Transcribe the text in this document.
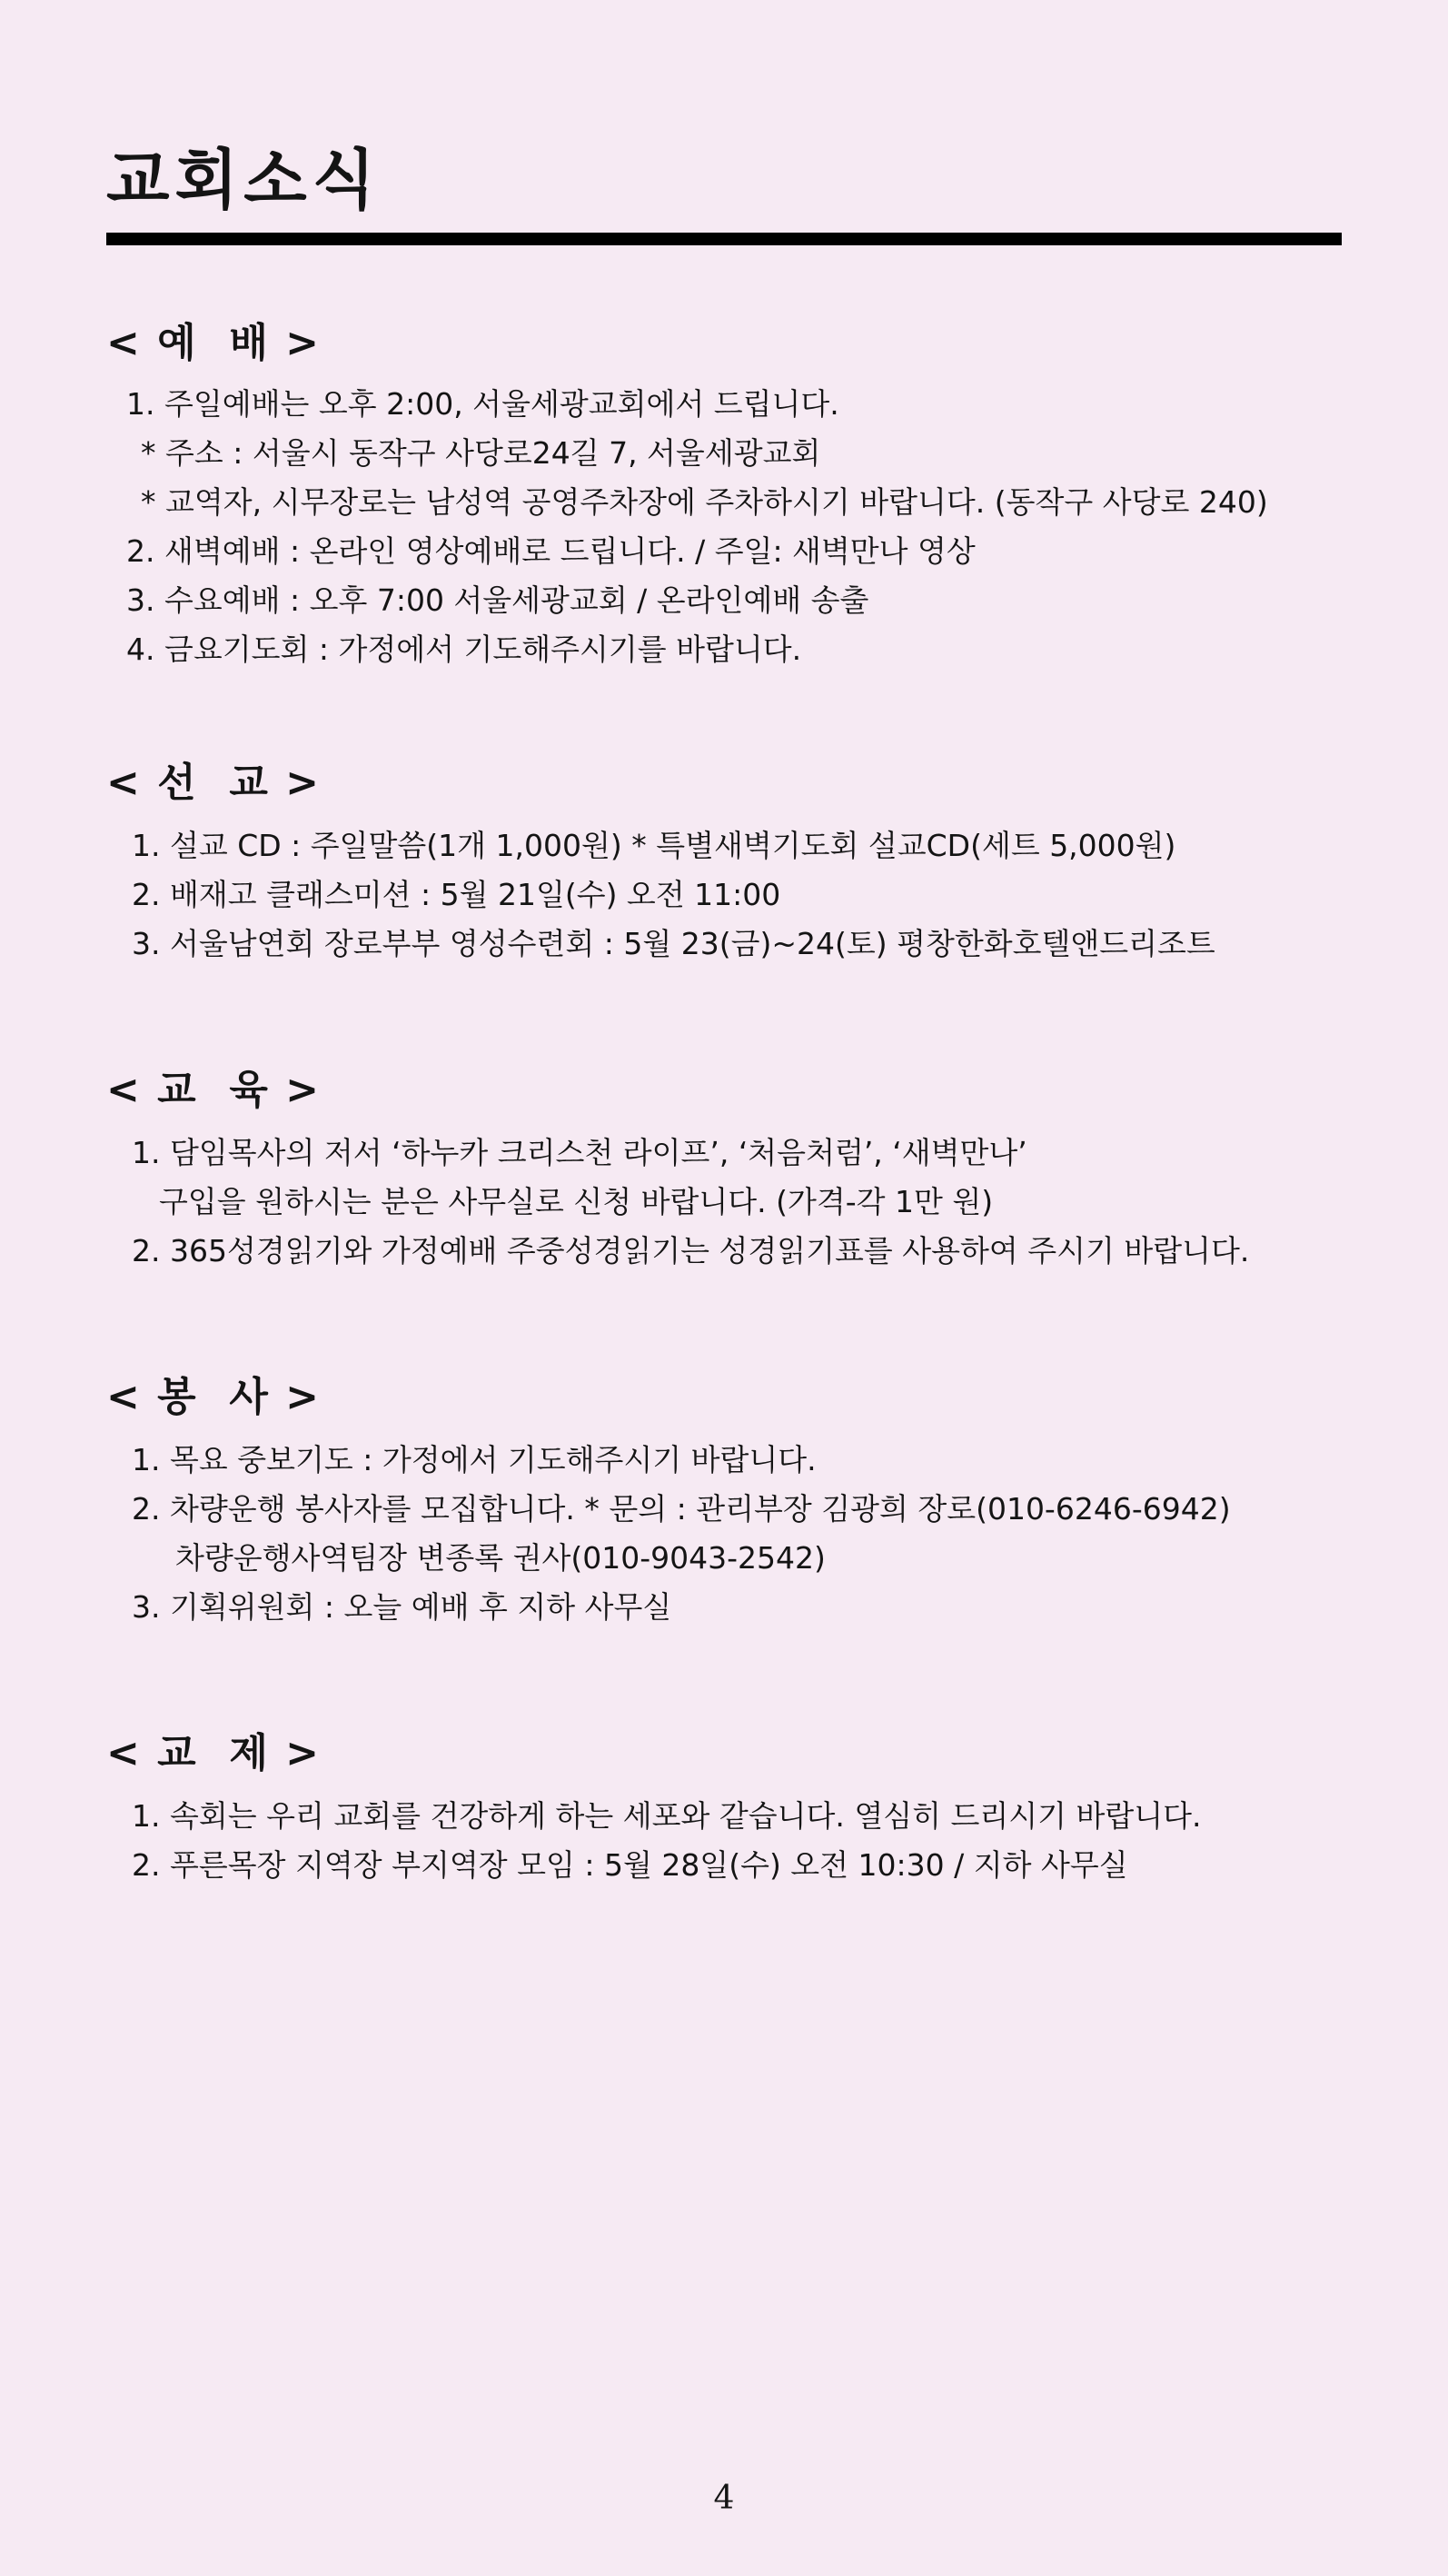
교회소식
< 예  배 >
1. 주일예배는 오후 2:00, 서울세광교회에서 드립니다.
* 주소 : 서울시 동작구 사당로24길 7, 서울세광교회
* 교역자, 시무장로는 남성역 공영주차장에 주차하시기 바랍니다. (동작구 사당로 240)
2. 새벽예배 : 온라인 영상예배로 드립니다. / 주일: 새벽만나 영상
3. 수요예배 : 오후 7:00 서울세광교회 / 온라인예배 송출
4. 금요기도회 : 가정에서 기도해주시기를 바랍니다.
< 선  교 >
1. 설교 CD : 주일말씀(1개 1,000원) * 특별새벽기도회 설교CD(세트 5,000원)
2. 배재고 클래스미션 : 5월 21일(수) 오전 11:00
3. 서울남연회 장로부부 영성수련회 : 5월 23(금)~24(토) 평창한화호텔앤드리조트
< 교  육 >
1. 담임목사의 저서 ‘하누카 크리스천 라이프’, ‘처음처럼’, ‘새벽만나’
구입을 원하시는 분은 사무실로 신청 바랍니다. (가격-각 1만 원)
2. 365성경읽기와 가정예배 주중성경읽기는 성경읽기표를 사용하여 주시기 바랍니다.
< 봉  사 >
1. 목요 중보기도 : 가정에서 기도해주시기 바랍니다.
2. 차량운행 봉사자를 모집합니다. * 문의 : 관리부장 김광희 장로(010-6246-6942)
차량운행사역팀장 변종록 권사(010-9043-2542)
3. 기획위원회 : 오늘 예배 후 지하 사무실
< 교  제 >
1. 속회는 우리 교회를 건강하게 하는 세포와 같습니다. 열심히 드리시기 바랍니다.
2. 푸른목장 지역장 부지역장 모임 : 5월 28일(수) 오전 10:30 / 지하 사무실
4
